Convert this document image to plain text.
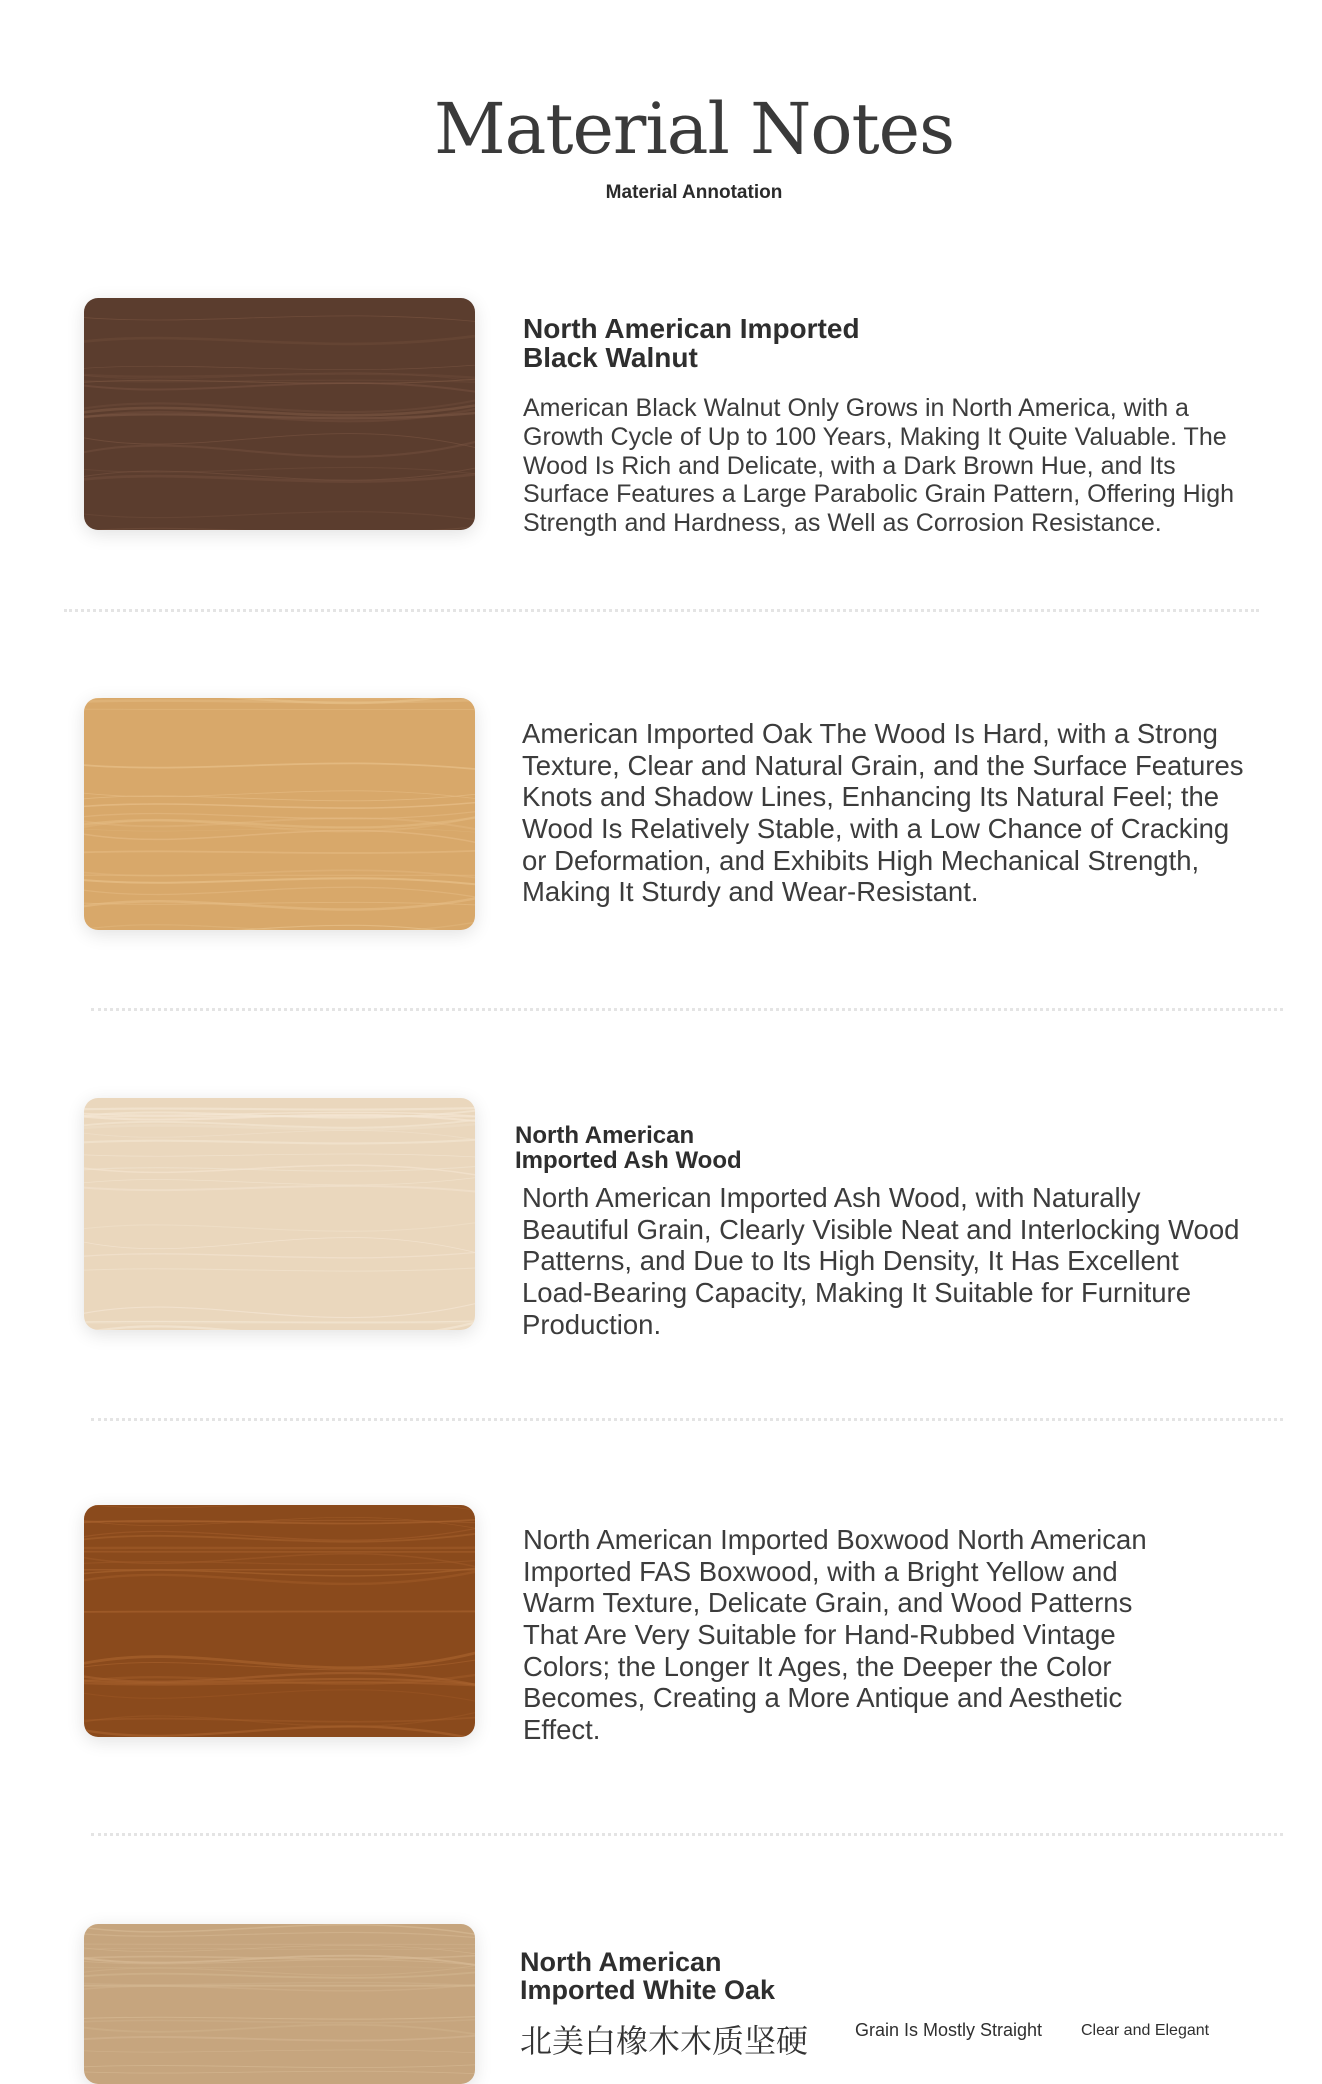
Material Notes
Material Annotation
North American Imported
Black Walnut

American Black Walnut Only Grows in North America, with a Growth Cycle of Up to 100 Years, Making It Quite Valuable. The Wood Is Rich and Delicate, with a Dark Brown Hue, and Its Surface Features a Large Parabolic Grain Pattern, Offering High Strength and Hardness, as Well as Corrosion Resistance.

American Imported Oak The Wood Is Hard, with a Strong Texture, Clear and Natural Grain, and the Surface Features Knots and Shadow Lines, Enhancing Its Natural Feel; the Wood Is Relatively Stable, with a Low Chance of Cracking or Deformation, and Exhibits High Mechanical Strength, Making It Sturdy and Wear-Resistant.

North American
Imported Ash Wood

North American Imported Ash Wood, with Naturally Beautiful Grain, Clearly Visible Neat and Interlocking Wood Patterns, and Due to Its High Density, It Has Excellent Load-Bearing Capacity, Making It Suitable for Furniture Production.

North American Imported Boxwood North American Imported FAS Boxwood, with a Bright Yellow and Warm Texture, Delicate Grain, and Wood Patterns That Are Very Suitable for Hand-Rubbed Vintage Colors; the Longer It Ages, the Deeper the Color Becomes, Creating a More Antique and Aesthetic Effect.

North American
Imported White Oak
北美白橡木木质坚硬	Grain Is Mostly Straight Clear and Elegant
